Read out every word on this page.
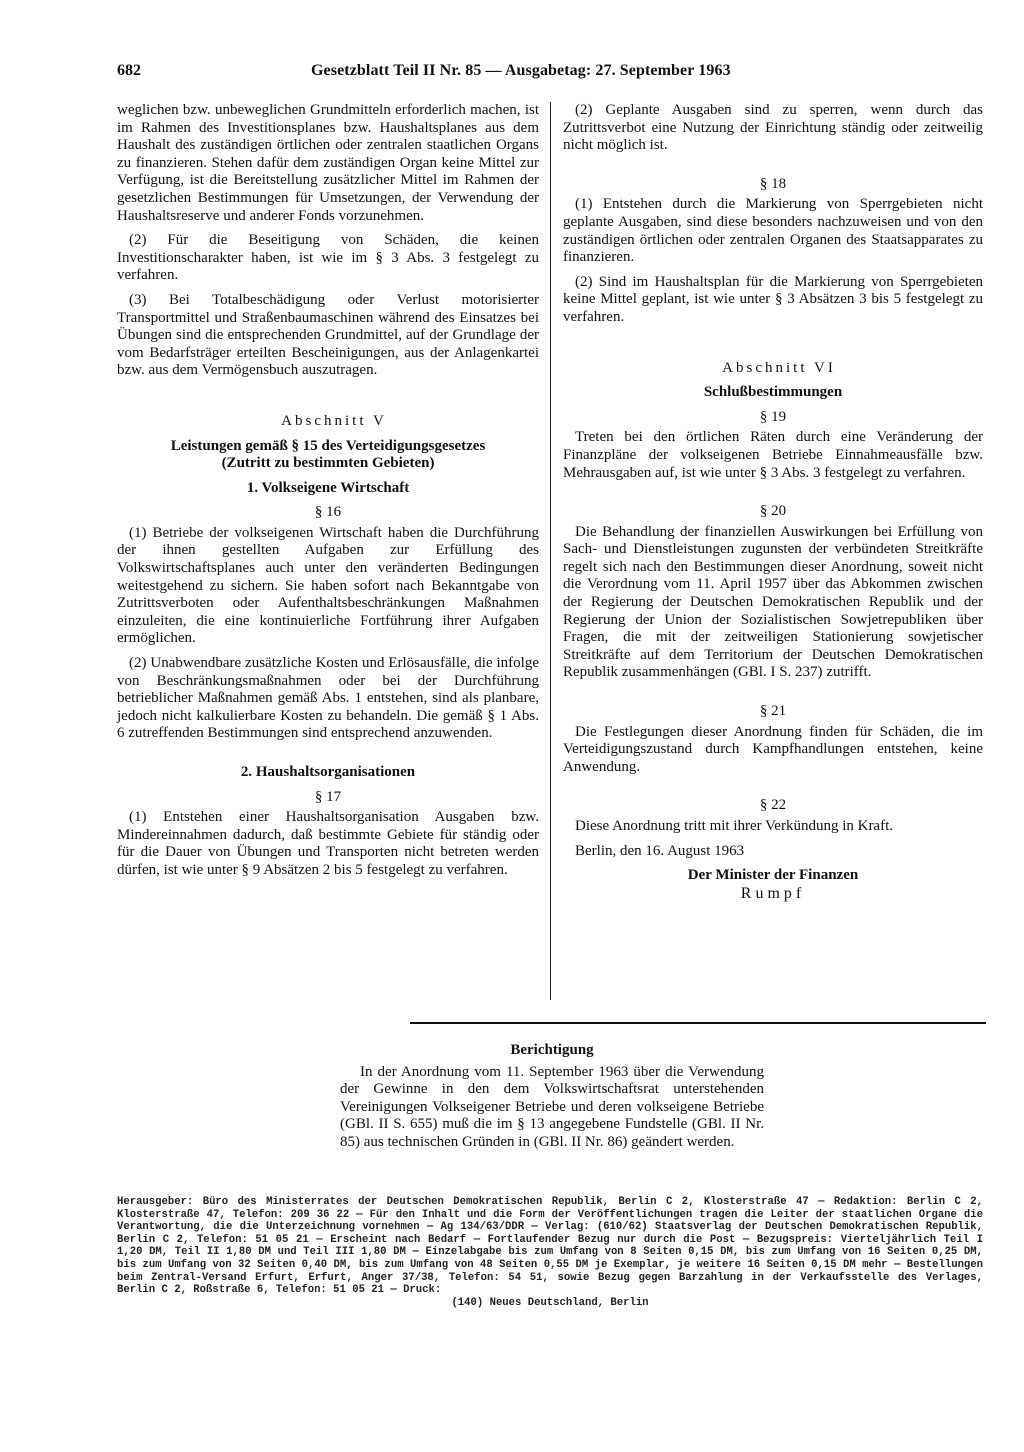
682	Gesetzblatt Teil II Nr. 85 — Ausgabetag: 27. September 1963

weglichen bzw. unbeweglichen Grundmitteln erforderlich machen, ist im Rahmen des Investitionsplanes bzw. Haushaltsplanes aus dem Haushalt des zuständigen örtlichen oder zentralen staatlichen Organs zu finanzieren. Stehen dafür dem zuständigen Organ keine Mittel zur Verfügung, ist die Bereitstellung zusätzlicher Mittel im Rahmen der gesetzlichen Bestimmungen für Umsetzungen, der Verwendung der Haushaltsreserve und anderer Fonds vorzunehmen.

(2) Für die Beseitigung von Schäden, die keinen Investitionscharakter haben, ist wie im § 3 Abs. 3 festgelegt zu verfahren.

(3) Bei Totalbeschädigung oder Verlust motorisierter Transportmittel und Straßenbaumaschinen während des Einsatzes bei Übungen sind die entsprechenden Grundmittel, auf der Grundlage der vom Bedarfsträger erteilten Bescheinigungen, aus der Anlagenkartei bzw. aus dem Vermögensbuch auszutragen.

Abschnitt V

Leistungen gemäß § 15 des Verteidigungsgesetzes
(Zutritt zu bestimmten Gebieten)
1. Volkseigene Wirtschaft
§ 16

(1) Betriebe der volkseigenen Wirtschaft haben die Durchführung der ihnen gestellten Aufgaben zur Erfüllung des Volkswirtschaftsplanes auch unter den veränderten Bedingungen weitestgehend zu sichern. Sie haben sofort nach Bekanntgabe von Zutrittsverboten oder Aufenthaltsbeschränkungen Maßnahmen einzuleiten, die eine kontinuierliche Fortführung ihrer Aufgaben ermöglichen.

(2) Unabwendbare zusätzliche Kosten und Erlösausfälle, die infolge von Beschränkungsmaßnahmen oder bei der Durchführung betrieblicher Maßnahmen gemäß Abs. 1 entstehen, sind als planbare, jedoch nicht kalkulierbare Kosten zu behandeln. Die gemäß § 1 Abs. 6 zutreffenden Bestimmungen sind entsprechend anzuwenden.

2. Haushaltsorganisationen
§ 17

(1) Entstehen einer Haushaltsorganisation Ausgaben bzw. Mindereinnahmen dadurch, daß bestimmte Gebiete für ständig oder für die Dauer von Übungen und Transporten nicht betreten werden dürfen, ist wie unter § 9 Absätzen 2 bis 5 festgelegt zu verfahren.

(2) Geplante Ausgaben sind zu sperren, wenn durch das Zutrittsverbot eine Nutzung der Einrichtung ständig oder zeitweilig nicht möglich ist.

§ 18

(1) Entstehen durch die Markierung von Sperrgebieten nicht geplante Ausgaben, sind diese besonders nachzuweisen und von den zuständigen örtlichen oder zentralen Organen des Staatsapparates zu finanzieren.

(2) Sind im Haushaltsplan für die Markierung von Sperrgebieten keine Mittel geplant, ist wie unter § 3 Absätzen 3 bis 5 festgelegt zu verfahren.

Abschnitt VI

Schlußbestimmungen
§ 19

Treten bei den örtlichen Räten durch eine Veränderung der Finanzpläne der volkseigenen Betriebe Einnahmeausfälle bzw. Mehrausgaben auf, ist wie unter § 3 Abs. 3 festgelegt zu verfahren.

§ 20

Die Behandlung der finanziellen Auswirkungen bei Erfüllung von Sach- und Dienstleistungen zugunsten der verbündeten Streitkräfte regelt sich nach den Bestimmungen dieser Anordnung, soweit nicht die Verordnung vom 11. April 1957 über das Abkommen zwischen der Regierung der Deutschen Demokratischen Republik und der Regierung der Union der Sozialistischen Sowjetrepubliken über Fragen, die mit der zeitweiligen Stationierung sowjetischer Streitkräfte auf dem Territorium der Deutschen Demokratischen Republik zusammenhängen (GBl. I S. 237) zutrifft.

§ 21

Die Festlegungen dieser Anordnung finden für Schäden, die im Verteidigungszustand durch Kampfhandlungen entstehen, keine Anwendung.

§ 22

Diese Anordnung tritt mit ihrer Verkündung in Kraft.

Berlin, den 16. August 1963

Der Minister der Finanzen
Rumpf
Berichtigung

In der Anordnung vom 11. September 1963 über die Verwendung der Gewinne in den dem Volkswirtschaftsrat unterstehenden Vereinigungen Volkseigener Betriebe und deren volkseigene Betriebe (GBl. II S. 655) muß die im § 13 angegebene Fundstelle (GBl. II Nr. 85) aus technischen Gründen in (GBl. II Nr. 86) geändert werden.

Herausgeber: Büro des Ministerrates der Deutschen Demokratischen Republik, Berlin C 2, Klosterstraße 47 — Redaktion: Berlin C 2, Klosterstraße 47, Telefon: 209 36 22 — Für den Inhalt und die Form der Veröffentlichungen tragen die Leiter der staatlichen Organe die Verantwortung, die die Unterzeichnung vornehmen — Ag 134/63/DDR — Verlag: (610/62) Staatsverlag der Deutschen Demokratischen Republik, Berlin C 2, Telefon: 51 05 21 — Erscheint nach Bedarf — Fortlaufender Bezug nur durch die Post — Bezugspreis: Vierteljährlich Teil I 1,20 DM, Teil II 1,80 DM und Teil III 1,80 DM — Einzelabgabe bis zum Umfang von 8 Seiten 0,15 DM, bis zum Umfang von 16 Seiten 0,25 DM, bis zum Umfang von 32 Seiten 0,40 DM, bis zum Umfang von 48 Seiten 0,55 DM je Exemplar, je weitere 16 Seiten 0,15 DM mehr — Bestellungen beim Zentral-Versand Erfurt, Erfurt, Anger 37/38, Telefon: 54 51, sowie Bezug gegen Barzahlung in der Verkaufsstelle des Verlages, Berlin C 2, Roßstraße 6, Telefon: 51 05 21 — Druck:
(140) Neues Deutschland, Berlin
